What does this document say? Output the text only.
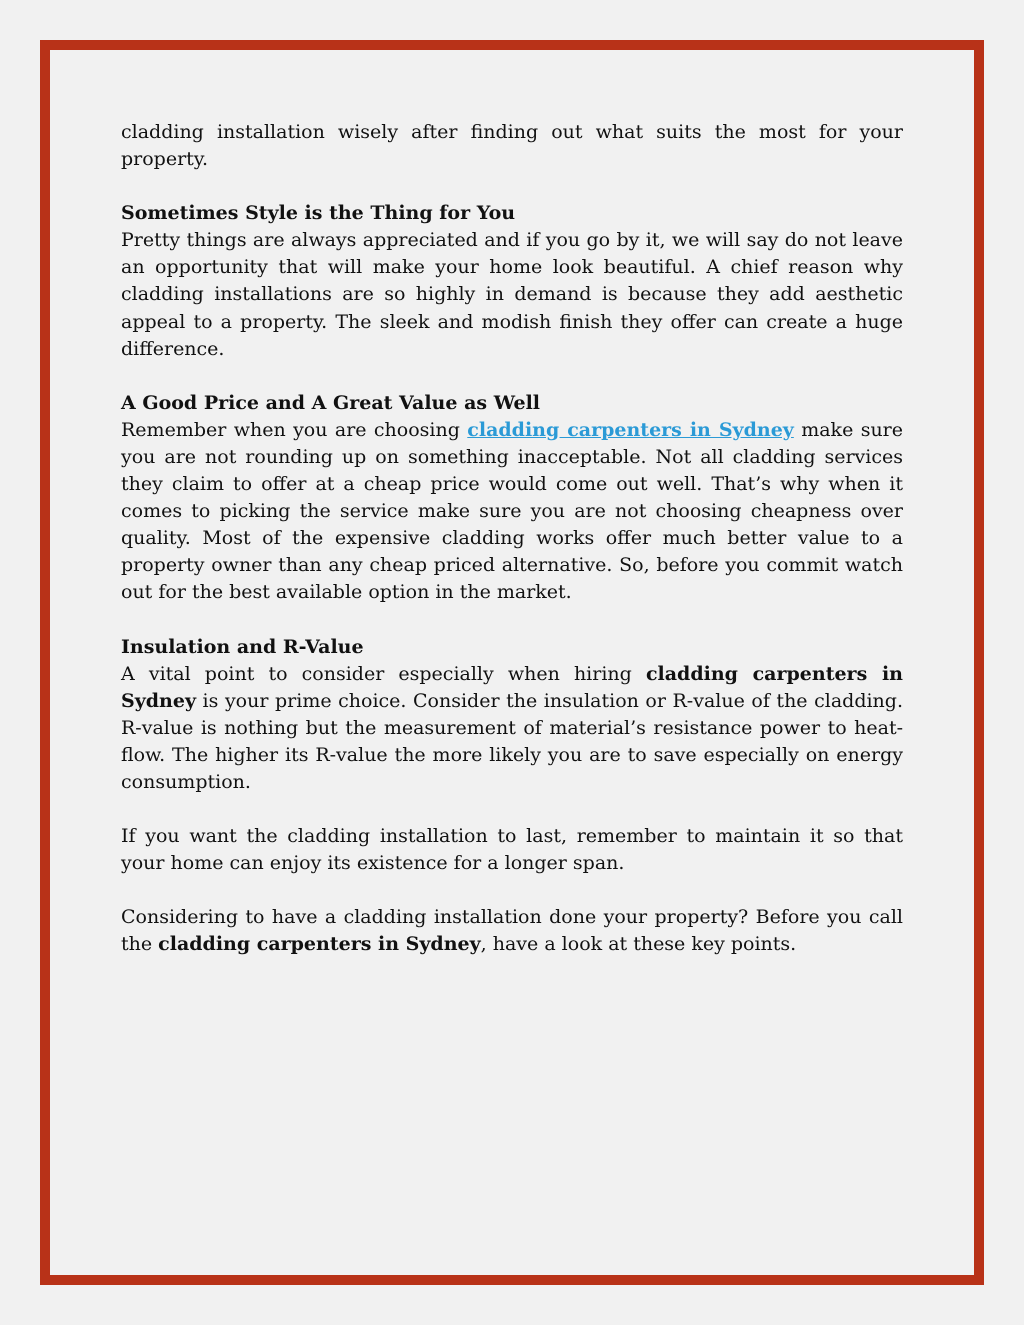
cladding installation wisely after finding out what suits the most for your property.

Sometimes Style is the Thing for You
Pretty things are always appreciated and if you go by it, we will say do not leave an opportunity that will make your home look beautiful. A chief reason why cladding installations are so highly in demand is because they add aesthetic appeal to a property. The sleek and modish finish they offer can create a huge difference.

A Good Price and A Great Value as Well
Remember when you are choosing cladding carpenters in Sydney make sure you are not rounding up on something inacceptable. Not all cladding services they claim to offer at a cheap price would come out well. That’s why when it comes to picking the service make sure you are not choosing cheapness over quality. Most of the expensive cladding works offer much better value to a property owner than any cheap priced alternative. So, before you commit watch out for the best available option in the market.

Insulation and R-Value
A vital point to consider especially when hiring cladding carpenters in Sydney is your prime choice. Consider the insulation or R-value of the cladding. R-value is nothing but the measurement of material’s resistance power to heat-flow. The higher its R-value the more likely you are to save especially on energy consumption.

If you want the cladding installation to last, remember to maintain it so that your home can enjoy its existence for a longer span.

Considering to have a cladding installation done your property? Before you call the cladding carpenters in Sydney, have a look at these key points.
